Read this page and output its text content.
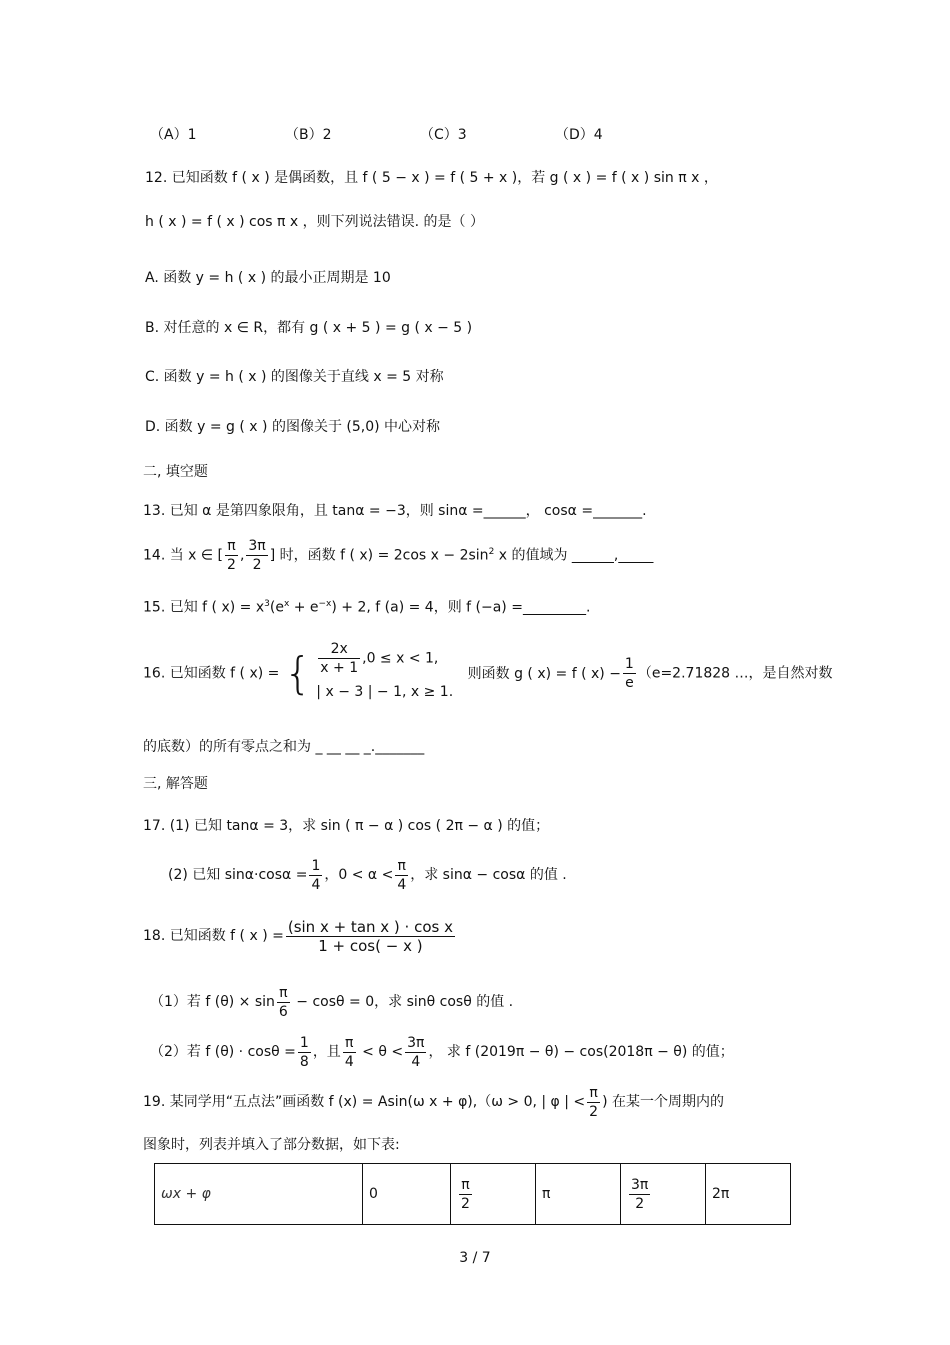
（A）1	（B）2	（C）3	（D）4
12. 已知函数 f ( x ) 是偶函数，且 f ( 5 − x ) = f ( 5 + x )，若 g ( x ) = f ( x ) sin π x ，
h ( x ) = f ( x ) cos π x ，则下列说法错误. 的是（ ）
A. 函数 y = h ( x ) 的最小正周期是 10
B. 对任意的 x ∈ R，都有 g ( x + 5 ) = g ( x − 5 )
C. 函数 y = h ( x ) 的图像关于直线 x = 5 对称
D. 函数 y = g ( x ) 的图像关于 (5,0) 中心对称
二, 填空题
13. 已知 α 是第四象限角，且 tanα = −3，则 sinα =______， cosα =_______.
14. 当 x ∈ [ $\frac{\pi}{2}$ , $\frac{3\pi}{2}$ ] 时，函数 f ( x) = 2cos $x - 2\sin^2$ x 的值域为 ______,_____
15. 已知 f ( $x) = x^3(e^x + e^{-x}) + 2$, f (a) = 4，则 f (−a) =_________.
16. 已知函数 f ( x) = { $\frac{2x}{x + 1} ,0 \le x < 1$,
| x − 3 | − 1, x ≥ 1.
则函数 g ( x) = f ( $x) - \frac{1}{e} (e=2.71828$ …，是自然对数
的底数）的所有零点之和为 _ __ __ _._______
三, 解答题
17. (1) 已知 tanα = 3，求 sin ( π − α ) cos ( 2π − α ) 的值；
(2) 已知 $\sin\alpha\cdot\cos\alpha = \frac{1}{4}$ ，$0 < \alpha < \frac{\pi}{4}$ ，求 sinα − cosα 的值 .
18. 已知函数 f ( x ) = $\frac{\text{(sin x + tan x ) · cos x}}{1 + \cos( - x )}$
（1）若 f $(\theta) \times \sin \frac{\pi}{6} - \cos\theta = 0$，求 sinθ cosθ 的值 .
（2）若 f $(\theta) \cdot \cos\theta = \frac{1}{8}$ ，且 $\frac{\pi}{4} < \theta < \frac{3\pi}{4}$ ， 求 f (2019π − θ) − cos(2018π − θ) 的值；
19. 某同学用“五点法”画函数 f (x) = Asin(ω x + φ),（ω > 0, | φ | < $\frac{\pi}{2}$ ) 在某一个周期内的
图象时，列表并填入了部分数据，如下表:
ωx + φ	0	$\frac{\pi}{2}$	π	$\frac{3\pi}{2}$	2π
3 / 7
